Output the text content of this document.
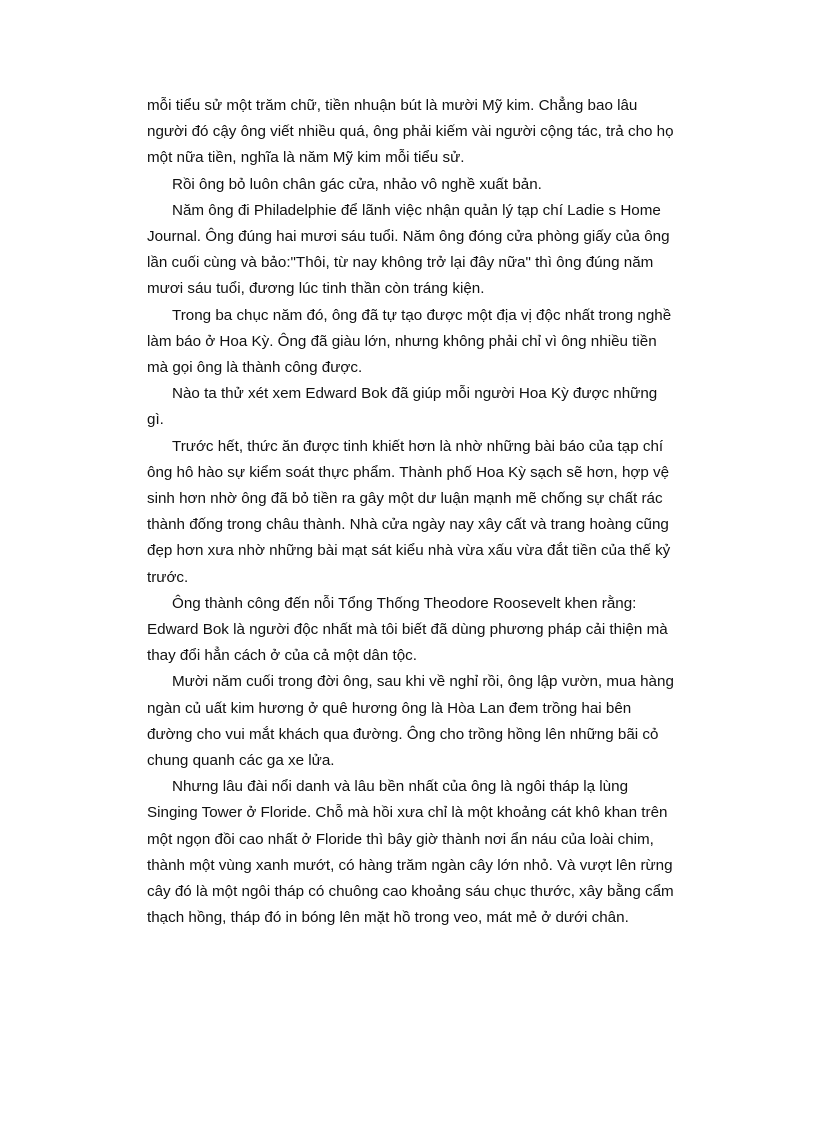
mỗi tiểu sử một trăm chữ, tiền nhuận bút là mười Mỹ kim. Chẳng bao lâu người đó cậy ông viết nhiều quá, ông phải kiếm vài người cộng tác, trả cho họ một nữa tiền, nghĩa là năm Mỹ kim mỗi tiểu sử.

Rồi ông bỏ luôn chân gác cửa, nhảo vô nghề xuất bản.

Năm ông đi Philadelphie để lãnh việc nhận quản lý tạp chí Ladie s Home Journal. Ông đúng hai mươi sáu tuổi. Năm ông đóng cửa phòng giấy của ông lần cuối cùng và bảo:"Thôi, từ nay không trở lại đây nữa" thì ông đúng năm mươi sáu tuổi, đương lúc tinh thần còn tráng kiện.

Trong ba chục năm đó, ông đã tự tạo được một địa vị độc nhất trong nghề làm báo ở Hoa Kỳ. Ông đã giàu lớn, nhưng không phải chỉ vì ông nhiều tiền mà gọi ông là thành công được.

Nào ta thử xét xem Edward Bok đã giúp mỗi người Hoa Kỳ được những gì.

Trước hết, thức ăn được tinh khiết hơn là nhờ những bài báo của tạp chí ông hô hào sự kiểm soát thực phẩm. Thành phố Hoa Kỳ sạch sẽ hơn, hợp vệ sinh hơn nhờ ông đã bỏ tiền ra gây một dư luận mạnh mẽ chống sự chất rác thành đống trong châu thành. Nhà cửa ngày nay xây cất và trang hoàng cũng đẹp hơn xưa nhờ những bài mạt sát kiểu nhà vừa xấu vừa đắt tiền của thế kỷ trước.

Ông thành công đến nỗi Tổng Thống Theodore Roosevelt khen rằng: Edward Bok là người độc nhất mà tôi biết đã dùng phương pháp cải thiện mà thay đổi hẳn cách ở của cả một dân tộc.

Mười năm cuối trong đời ông, sau khi về nghỉ rồi, ông lập vườn, mua hàng ngàn củ uất kim hương ở quê hương ông là Hòa Lan đem trồng hai bên đường cho vui mắt khách qua đường. Ông cho trồng hồng lên những bãi cỏ chung quanh các ga xe lửa.

Nhưng lâu đài nổi danh và lâu bền nhất của ông là ngôi tháp lạ lùng Singing Tower ở Floride. Chỗ mà hồi xưa chỉ là một khoảng cát khô khan trên một ngọn đồi cao nhất ở Floride thì bây giờ thành nơi ẩn náu của loài chim, thành một vùng xanh mướt, có hàng trăm ngàn cây lớn nhỏ. Và vượt lên rừng cây đó là một ngôi tháp có chuông cao khoảng sáu chục thước, xây bằng cẩm thạch hồng, tháp đó in bóng lên mặt hồ trong veo, mát mẻ ở dưới chân.
